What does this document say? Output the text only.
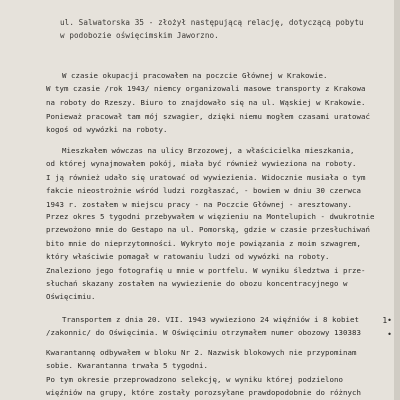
ul. Salwatorska 35 - złożył następującą relację, dotyczącą pobytu
w podobozie oświęcimskim Jaworzno.
W czasie okupacji pracowałem na poczcie Głównej w Krakowie.
W tym czasie /rok 1943/ niemcy organizowali masowe transporty z Krakowa
na roboty do Rzeszy. Biuro to znajdowało się na ul. Wąskiej w Krakowie.
Ponieważ pracował tam mój szwagier, dzięki niemu mogłem czasami uratować
kogoś od wywózki na roboty.
Mieszkałem wówczas na ulicy Brzozowej, a właścicielka mieszkania,
od której wynajmowałem pokój, miała być również wywieziona na roboty.
I ją również udało się uratować od wywiezienia. Widocznie musiała o tym
fakcie nieostrożnie wśród ludzi rozgłaszać, - bowiem w dniu 30 czerwca
1943 r. zostałem w miejscu pracy - na Poczcie Głównej - aresztowany.
Przez okres 5 tygodni przebywałem w więzieniu na Montelupich - dwukrotnie
przewożono mnie do Gestapo na ul. Pomorską, gdzie w czasie przesłuchiwań
bito mnie do nieprzytomności. Wykryto moje powiązania z moim szwagrem,
który właściwie pomagał w ratowaniu ludzi od wywózki na roboty.
Znaleziono jego fotografię u mnie w portfelu. W wyniku śledztwa i prze-
słuchań skazany zostałem na wywiezienie do obozu koncentracyjnego w
Oświęcimiu.
Transportem z dnia 20. VII. 1943 wywieziono 24 więźniów i 8 kobiet
/zakonnic/ do Oświęcimia. W Oświęcimiu otrzymałem numer obozowy 130383
Kwarantannę odbywałem w bloku Nr 2. Nazwisk blokowych nie przypominam
sobie. Kwarantanna trwała 5 tygodni.
Po tym okresie przeprowadzono selekcję, w wyniku której podzielono
więźniów na grupy, które zostały porozsyłane prawdopodobnie do różnych
1•
•
